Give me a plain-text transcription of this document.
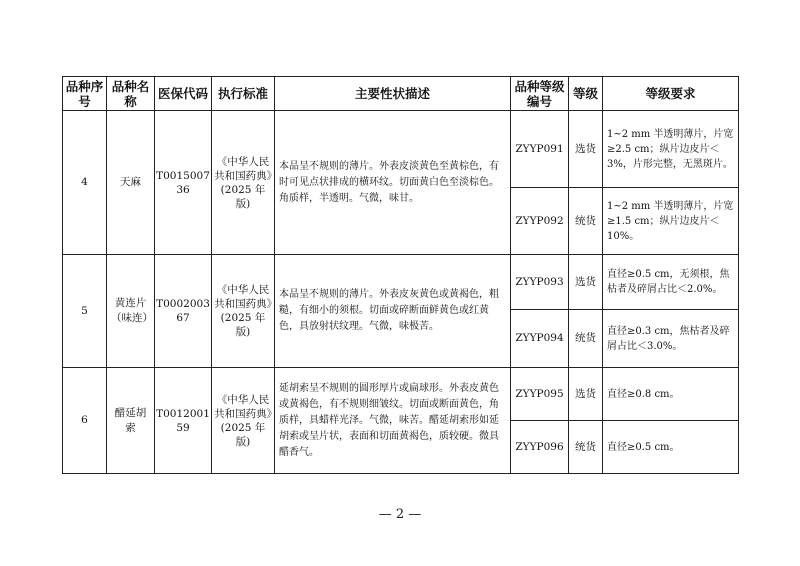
品种序号	品种名称	医保代码	执行标准	主要性状描述	品种等级编号	等级	等级要求
4	天麻	T001500736	《中华人民共和国药典》(2025 年版)	本品呈不规则的薄片。外表皮淡黄色至黄棕色，有时可见点状排成的横环纹。切面黄白色至淡棕色。角质样，半透明。气微，味甘。	ZYYP091	选货	1~2 mm 半透明薄片，片宽≥2.5 cm；纵片边皮片＜3%，片形完整，无黑斑片。
					ZYYP092	统货	1~2 mm 半透明薄片，片宽≥1.5 cm；纵片边皮片＜10%。
5	黄连片（味连）	T000200367	《中华人民共和国药典》(2025 年版)	本品呈不规则的薄片。外表皮灰黄色或黄褐色，粗糙，有细小的须根。切面或碎断面鲜黄色或红黄色，具放射状纹理。气微，味极苦。	ZYYP093	选货	直径≥0.5 cm，无须根，焦枯者及碎屑占比＜2.0%。
					ZYYP094	统货	直径≥0.3 cm，焦枯者及碎屑占比＜3.0%。
6	醋延胡索	T001200159	《中华人民共和国药典》(2025 年版)	延胡索呈不规则的圆形厚片或扁球形。外表皮黄色或黄褐色，有不规则细皱纹。切面或断面黄色，角质样，具蜡样光泽。气微，味苦。醋延胡索形如延胡索或呈片状，表面和切面黄褐色，质较硬。微具醋香气。	ZYYP095	选货	直径≥0.8 cm。
					ZYYP096	统货	直径≥0.5 cm。
— 2 —
